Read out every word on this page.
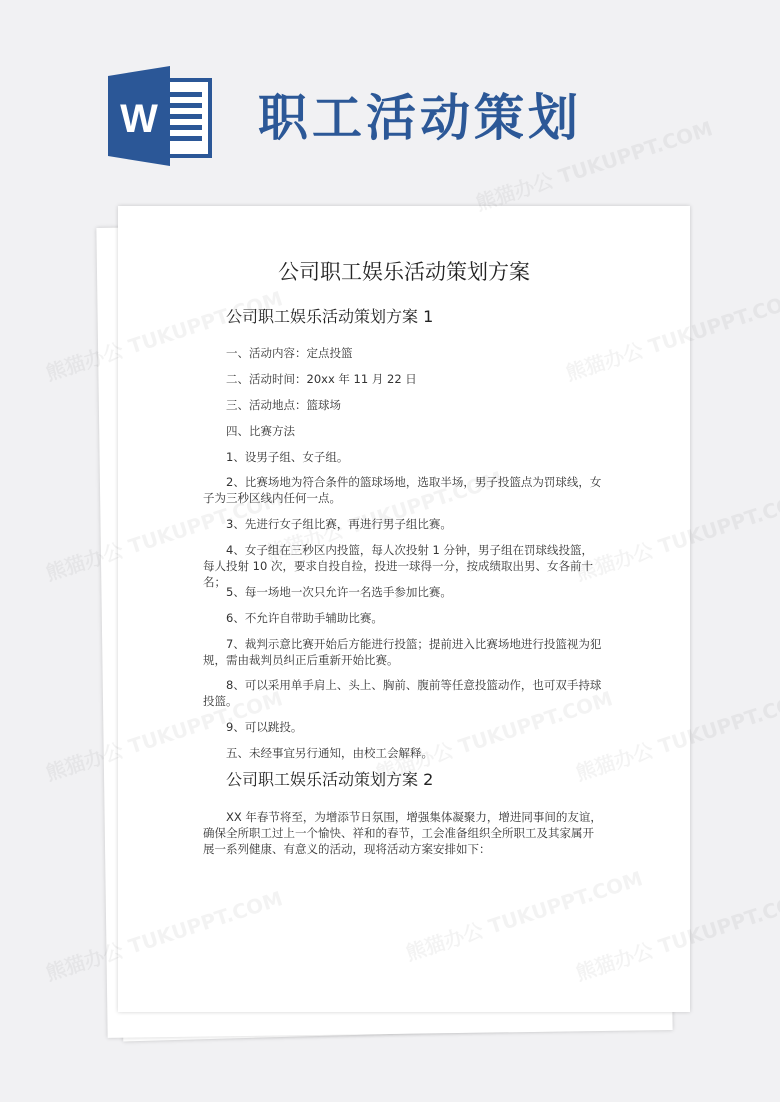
职工活动策划
W
公司职工娱乐活动策划方案
公司职工娱乐活动策划方案 1
一、活动内容：定点投篮
二、活动时间：20xx 年 11 月 22 日
三、活动地点：篮球场
四、比赛方法
1、设男子组、女子组。
2、比赛场地为符合条件的篮球场地，选取半场，男子投篮点为罚球线，女子为三秒区线内任何一点。
3、先进行女子组比赛，再进行男子组比赛。
4、女子组在三秒区内投篮，每人次投射 1 分钟，男子组在罚球线投篮，每人投射 10 次，要求自投自捡，投进一球得一分，按成绩取出男、女各前十名；
5、每一场地一次只允许一名选手参加比赛。
6、不允许自带助手辅助比赛。
7、裁判示意比赛开始后方能进行投篮；提前进入比赛场地进行投篮视为犯规，需由裁判员纠正后重新开始比赛。
8、可以采用单手肩上、头上、胸前、腹前等任意投篮动作，也可双手持球投篮。
9、可以跳投。
五、未经事宜另行通知，由校工会解释。
公司职工娱乐活动策划方案 2
XX 年春节将至，为增添节日氛围，增强集体凝聚力，增进同事间的友谊，确保全所职工过上一个愉快、祥和的春节，工会准备组织全所职工及其家属开展一系列健康、有意义的活动，现将活动方案安排如下：
